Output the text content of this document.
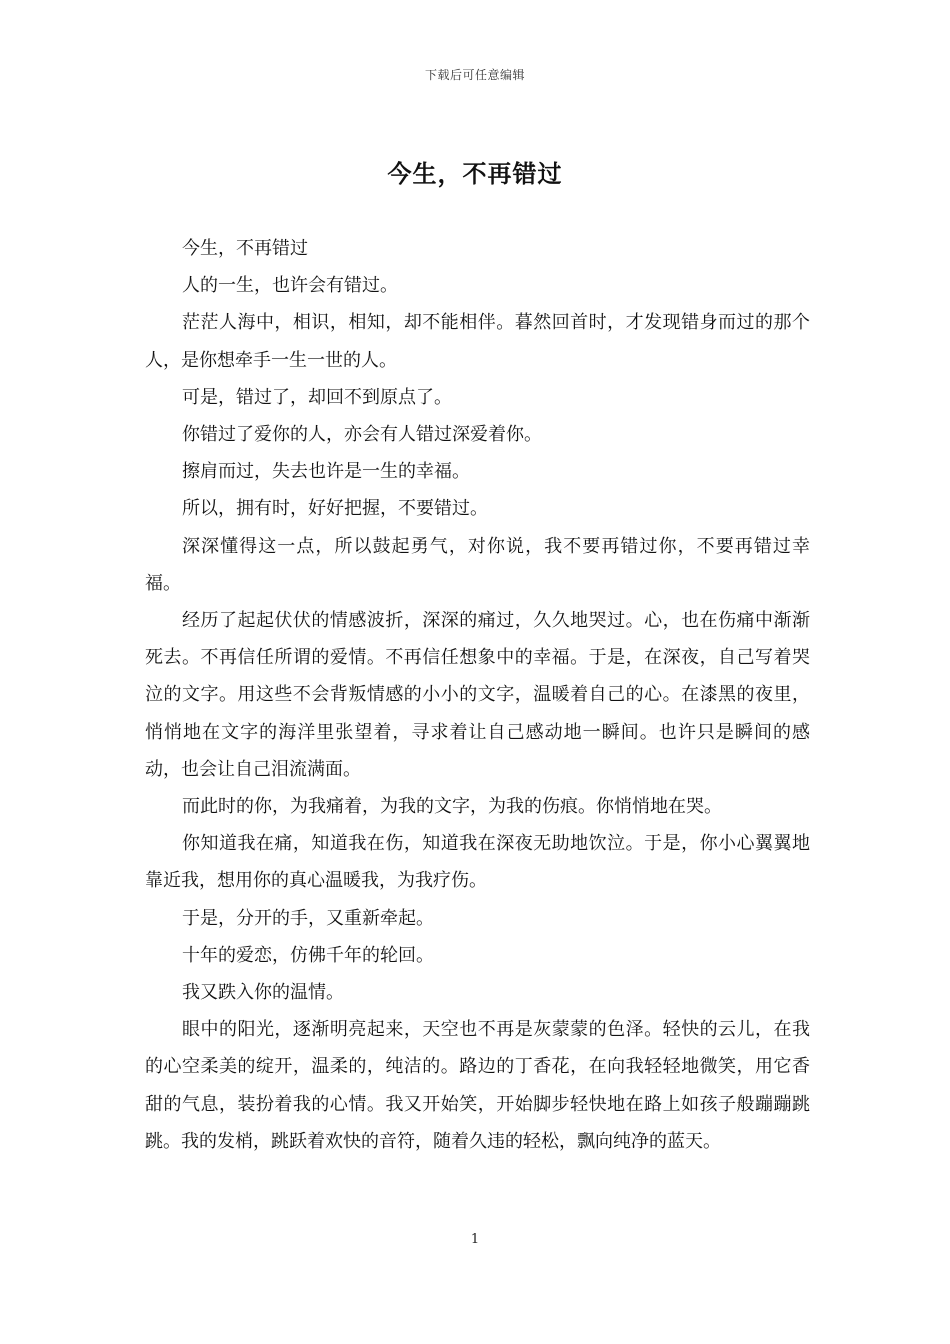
下载后可任意编辑
今生，不再错过

今生，不再错过

人的一生，也许会有错过。

茫茫人海中，相识，相知，却不能相伴。暮然回首时，才发现错身而过的那个人，是你想牵手一生一世的人。

可是，错过了，却回不到原点了。

你错过了爱你的人，亦会有人错过深爱着你。

擦肩而过，失去也许是一生的幸福。

所以，拥有时，好好把握，不要错过。

深深懂得这一点，所以鼓起勇气，对你说，我不要再错过你，不要再错过幸福。

经历了起起伏伏的情感波折，深深的痛过，久久地哭过。心，也在伤痛中渐渐死去。不再信任所谓的爱情。不再信任想象中的幸福。于是，在深夜，自己写着哭泣的文字。用这些不会背叛情感的小小的文字，温暖着自己的心。在漆黑的夜里，悄悄地在文字的海洋里张望着，寻求着让自己感动地一瞬间。也许只是瞬间的感动，也会让自己泪流满面。

而此时的你，为我痛着，为我的文字，为我的伤痕。你悄悄地在哭。

你知道我在痛，知道我在伤，知道我在深夜无助地饮泣。于是，你小心翼翼地靠近我，想用你的真心温暖我，为我疗伤。

于是，分开的手，又重新牵起。

十年的爱恋，仿佛千年的轮回。

我又跌入你的温情。

眼中的阳光，逐渐明亮起来，天空也不再是灰蒙蒙的色泽。轻快的云儿，在我的心空柔美的绽开，温柔的，纯洁的。路边的丁香花，在向我轻轻地微笑，用它香甜的气息，装扮着我的心情。我又开始笑，开始脚步轻快地在路上如孩子般蹦蹦跳跳。我的发梢，跳跃着欢快的音符，随着久违的轻松，飘向纯净的蓝天。

1
